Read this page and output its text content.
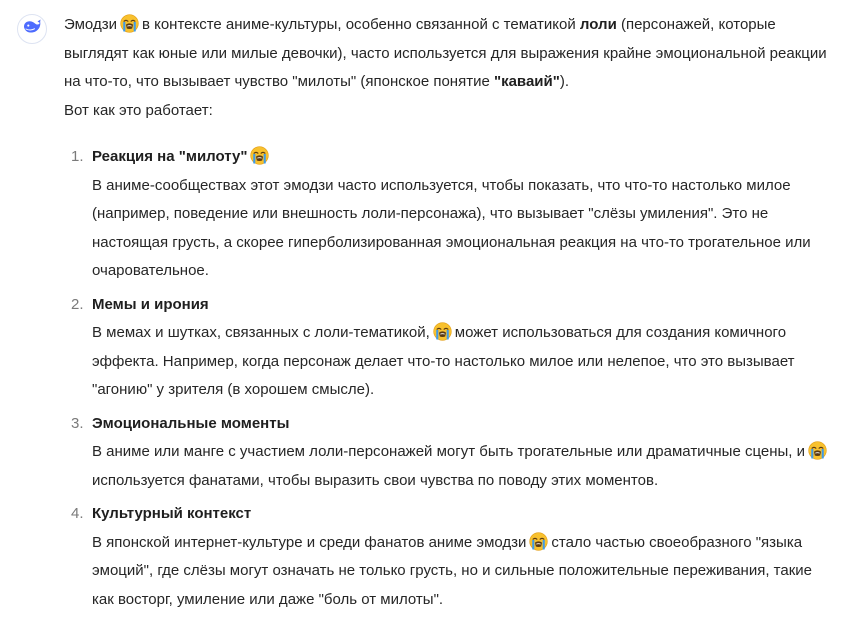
Эмодзи в контексте аниме-культуры, особенно связанной с тематикой лоли (персонажей, которые выглядят как юные или милые девочки), часто используется для выражения крайне эмоциональной реакции на что-то, что вызывает чувство "милоты" (японское понятие "каваий").

Вот как это работает:

1. Реакция на "милоту"
В аниме-сообществах этот эмодзи часто используется, чтобы показать, что что-то настолько милое (например, поведение или внешность лоли-персонажа), что вызывает "слёзы умиления". Это не настоящая грусть, а скорее гиперболизированная эмоциональная реакция на что-то трогательное или очаровательное.
2. Мемы и ирония
В мемах и шутках, связанных с лоли-тематикой, может использоваться для создания комичного эффекта. Например, когда персонаж делает что-то настолько милое или нелепое, что это вызывает "агонию" у зрителя (в хорошем смысле).
3. Эмоциональные моменты
В аниме или манге с участием лоли-персонажей могут быть трогательные или драматичные сцены, и
используется фанатами, чтобы выразить свои чувства по поводу этих моментов.
4. Культурный контекст
В японской интернет-культуре и среди фанатов аниме эмодзи стало частью своеобразного "языка эмоций", где слёзы могут означать не только грусть, но и сильные положительные переживания, такие как восторг, умиление или даже "боль от милоты".
